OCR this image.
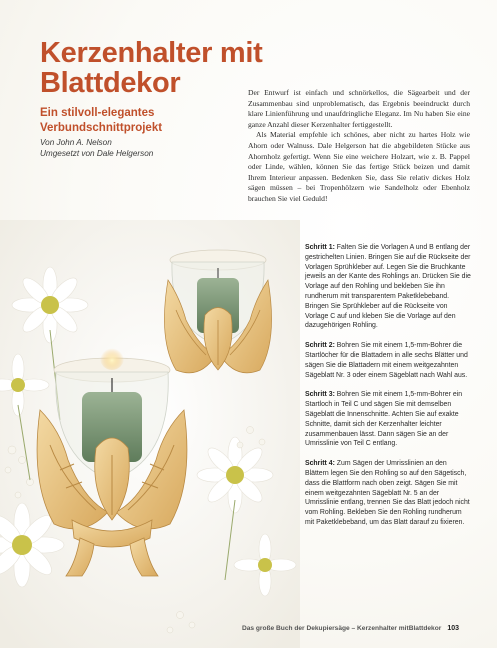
Kerzenhalter mit Blattdekor
Ein stilvoll-elegantes Verbundschnittprojekt
Von John A. Nelson
Umgesetzt von Dale Helgerson

Der Entwurf ist einfach und schnörkellos, die Sägearbeit und der Zusammenbau sind unproblematisch, das Ergebnis beeindruckt durch klare Linienführung und unaufdringliche Eleganz. Im Nu haben Sie eine ganze Anzahl dieser Kerzenhalter fertiggestellt.

Als Material empfehle ich schönes, aber nicht zu hartes Holz wie Ahorn oder Walnuss. Dale Helgerson hat die abgebildeten Stücke aus Ahornholz gefertigt. Wenn Sie eine weichere Holzart, wie z. B. Pappel oder Linde, wählen, können Sie das fertige Stück beizen und damit Ihrem Interieur anpassen. Bedenken Sie, dass Sie relativ dickes Holz sägen müssen – bei Tropenhölzern wie Sandelholz oder Ebenholz brauchen Sie viel Geduld!

Schritt 1: Falten Sie die Vorlagen A und B entlang der gestrichelten Linien. Bringen Sie auf die Rückseite der Vorlagen Sprühkleber auf. Legen Sie die Bruchkante jeweils an der Kante des Rohlings an. Drücken Sie die Vorlage auf den Rohling und bekleben Sie ihn rundherum mit transparentem Paketklebeband. Bringen Sie Sprühkleber auf die Rückseite von Vorlage C auf und kleben Sie die Vorlage auf den dazugehörigen Rohling.

Schritt 2: Bohren Sie mit einem 1,5-mm-Bohrer die Startlöcher für die Blattadern in alle sechs Blätter und sägen Sie die Blattadern mit einem weitgezahnten Sägeblatt Nr. 3 oder einem Sägeblatt nach Wahl aus.

Schritt 3: Bohren Sie mit einem 1,5-mm-Bohrer ein Startloch in Teil C und sägen Sie mit demselben Sägeblatt die Innenschnitte. Achten Sie auf exakte Schnitte, damit sich der Kerzenhalter leichter zusammenbauen lässt. Dann sägen Sie an der Umrisslinie von Teil C entlang.

Schritt 4: Zum Sägen der Umrisslinien an den Blättern legen Sie den Rohling so auf den Sägetisch, dass die Blattform nach oben zeigt. Sägen Sie mit einem weitgezahnten Sägeblatt Nr. 5 an der Umrisslinie entlang, trennen Sie das Blatt jedoch nicht vom Rohling. Bekleben Sie den Rohling rundherum mit Paketklebeband, um das Blatt darauf zu fixieren.

Das große Buch der Dekupiersäge – Kerzenhalter mitBlattdekor 103
